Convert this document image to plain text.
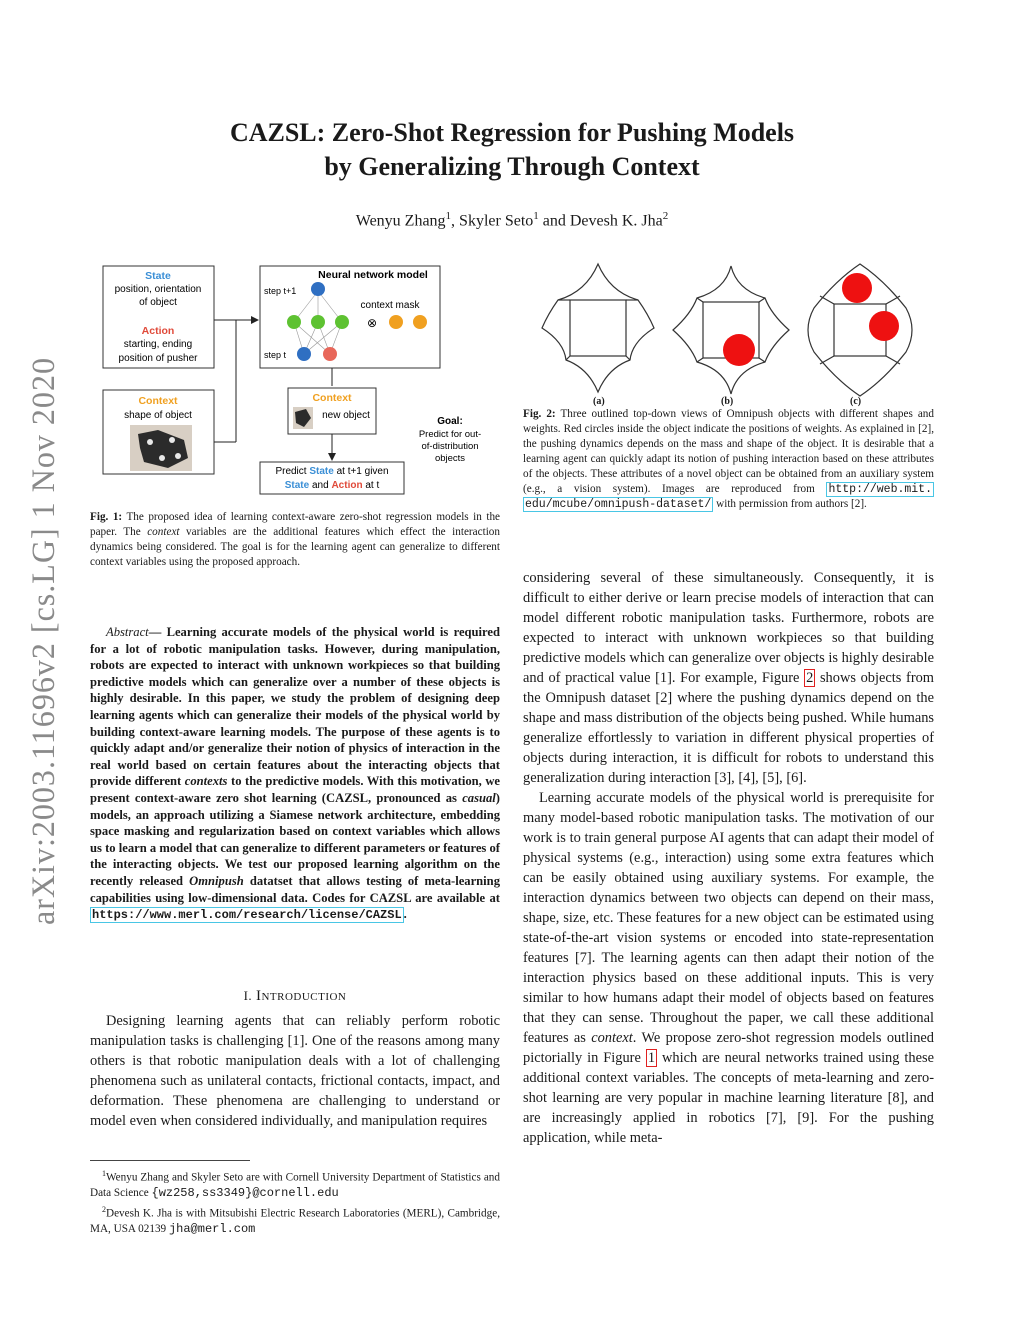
arXiv:2003.11696v2 [cs.LG] 1 Nov 2020
CAZSL: Zero-Shot Regression for Pushing Models
by Generalizing Through Context
Wenyu Zhang$^1$, Skyler Seto$^1$ and Devesh K. Jha$^2$
State
position, orientation
of object
Action
starting, ending
position of pusher
Context
shape of object
Neural network model
step t+1
step t
context mask
⊗
Context
new object
Predict State at t+1 given
State and Action at t
Goal:
Predict for out-
of-distribution
objects
Fig. 1: The proposed idea of learning context-aware zero-shot regression models in the paper. The context variables are the additional features which effect the interaction dynamics being considered. The goal is for the learning agent can generalize to different context variables using the proposed approach.
Abstract— Learning accurate models of the physical world is required for a lot of robotic manipulation tasks. However, during manipulation, robots are expected to interact with unknown workpieces so that building predictive models which can generalize over a number of these objects is highly desirable. In this paper, we study the problem of designing deep learning agents which can generalize their models of the physical world by building context-aware learning models. The purpose of these agents is to quickly adapt and/or generalize their notion of physics of interaction in the real world based on certain features about the interacting objects that provide different contexts to the predictive models. With this motivation, we present context-aware zero shot learning (CAZSL, pronounced as casual) models, an approach utilizing a Siamese network architecture, embedding space masking and regularization based on context variables which allows us to learn a model that can generalize to different parameters or features of the interacting objects. We test our proposed learning algorithm on the recently released Omnipush datatset that allows testing of meta-learning capabilities using low-dimensional data. Codes for CAZSL are available at https://www.merl.com/research/license/CAZSL .
I. INTRODUCTION

Designing learning agents that can reliably perform robotic manipulation tasks is challenging [1]. One of the reasons among many others is that robotic manipulation deals with a lot of challenging phenomena such as unilateral contacts, frictional contacts, impact, and deformation. These phenomena are challenging to understand or model even when considered individually, and manipulation requires

$^1$Wenyu Zhang and Skyler Seto are with Cornell University Department of Statistics and Data Science {wz258,ss3349}@cornell.edu
$^2$Devesh K. Jha is with Mitsubishi Electric Research Laboratories (MERL), Cambridge, MA, USA 02139 jha@merl.com
(a)	(b)	(c)
Fig. 2: Three outlined top-down views of Omnipush objects with different shapes and weights. Red circles inside the object indicate the positions of weights. As explained in [2], the pushing dynamics depends on the mass and shape of the object. It is desirable that a learning agent can quickly adapt its notion of pushing interaction based on these attributes of the objects. These attributes of a novel object can be obtained from an auxiliary system (e.g., a vision system). Images are reproduced from http://web.mit. edu/mcube/omnipush-dataset/ with permission from authors [2].

considering several of these simultaneously. Consequently, it is difficult to either derive or learn precise models of interaction that can model different robotic manipulation tasks. Furthermore, robots are expected to interact with unknown workpieces so that building predictive models which can generalize over objects is highly desirable and of practical value [1]. For example, Figure 2 shows objects from the Omnipush dataset [2] where the pushing dynamics depend on the shape and mass distribution of the objects being pushed. While humans generalize effortlessly to variation in different physical properties of objects during interaction, it is difficult for robots to understand this generalization during interaction [3], [4], [5], [6].

Learning accurate models of the physical world is prerequisite for many model-based robotic manipulation tasks. The motivation of our work is to train general purpose AI agents that can adapt their model of physical systems (e.g., interaction) using some extra features which can be easily obtained using auxiliary systems. For example, the interaction dynamics between two objects can depend on their mass, shape, size, etc. These features for a new object can be estimated using state-of-the-art vision systems or encoded into state-representation features [7]. The learning agents can then adapt their notion of the interaction physics based on these additional inputs. This is very similar to how humans adapt their model of objects based on features that they can sense. Throughout the paper, we call these additional features as context. We propose zero-shot regression models outlined pictorially in Figure 1 which are neural networks trained using these additional context variables. The concepts of meta-learning and zero-shot learning are very popular in machine learning literature [8], and are increasingly applied in robotics [7], [9]. For the pushing application, while meta-
